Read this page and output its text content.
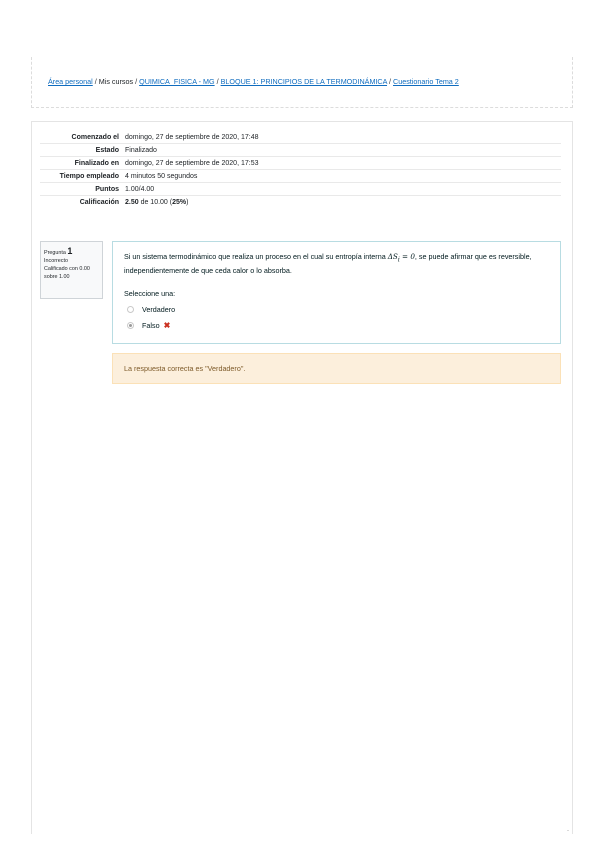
Área personal / Mis cursos / QUIMICA_FISICA - MG / BLOQUE 1: PRINCIPIOS DE LA TERMODINÁMICA / Cuestionario Tema 2
Comenzado el	domingo, 27 de septiembre de 2020, 17:48
Estado	Finalizado
Finalizado en	domingo, 27 de septiembre de 2020, 17:53
Tiempo empleado	4 minutos 50 segundos
Puntos	1.00/4.00
Calificación	2.50 de 10.00 (25%)
Pregunta 1
Incorrecto
Calificado con 0.00 sobre 1.00
Si un sistema termodinámico que realiza un proceso en el cual su entropía interna $\Delta S_i = 0$, se puede afirmar que es reversible, independientemente de que ceda calor o lo absorba.
Seleccione una:
Verdadero
Falso ✖
La respuesta correcta es "Verdadero".
·
